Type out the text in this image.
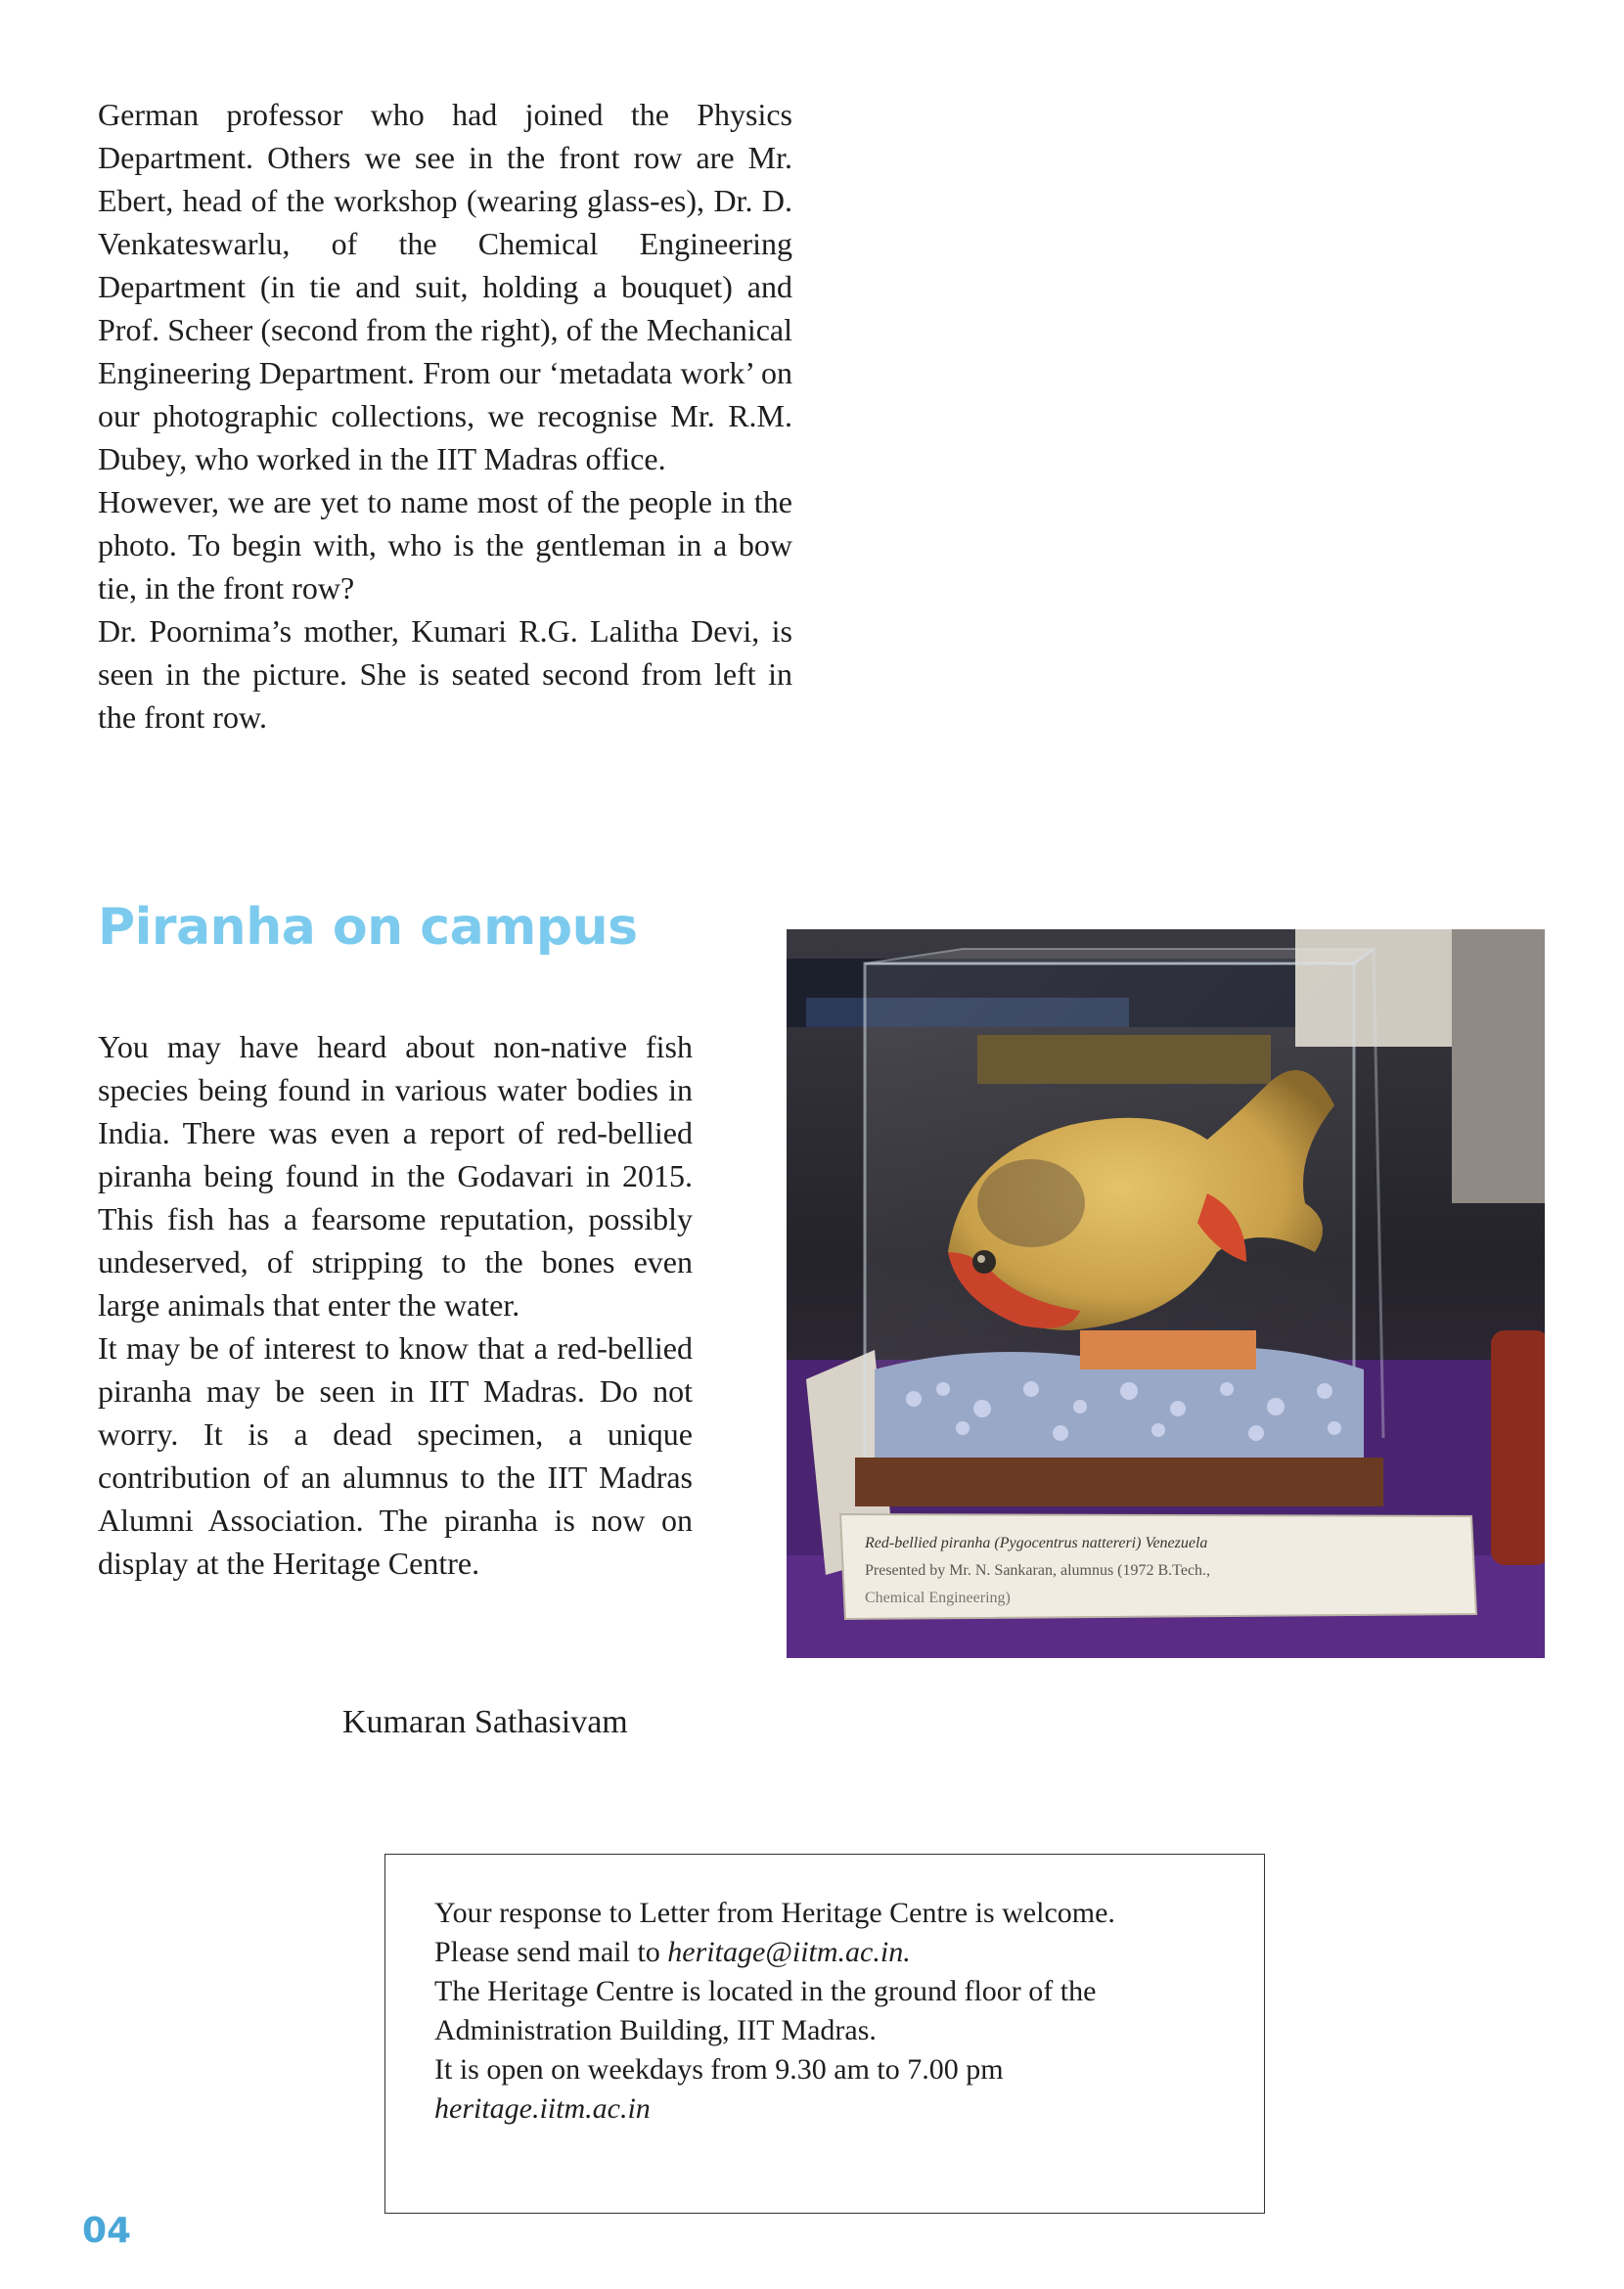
German professor who had joined the Physics Department. Others we see in the front row are Mr. Ebert, head of the workshop (wearing glass-es), Dr. D. Venkateswarlu, of the Chemical Engineering Department (in tie and suit, holding a bouquet) and Prof. Scheer (second from the right), of the Mechanical Engineering Department. From our ‘metadata work’ on our photographic collections, we recognise Mr. R.M. Dubey, who worked in the IIT Madras office.

However, we are yet to name most of the people in the photo. To begin with, who is the gentleman in a bow tie, in the front row?

Dr. Poornima’s mother, Kumari R.G. Lalitha Devi, is seen in the picture. She is seated second from left in the front row.

Piranha on campus

You may have heard about non-native fish species being found in various water bodies in India. There was even a report of red-bellied piranha being found in the Godavari in 2015. This fish has a fearsome reputation, possibly undeserved, of stripping to the bones even large animals that enter the water.

It may be of interest to know that a red-bellied piranha may be seen in IIT Madras. Do not worry. It is a dead specimen, a unique contribution of an alumnus to the IIT Madras Alumni Association. The piranha is now on display at the Heritage Centre.

Kumaran Sathasivam
Red-bellied piranha (Pygocentrus nattereri) Venezuela
Presented by Mr. N. Sankaran, alumnus (1972 B.Tech.,
Chemical Engineering)
Your response to Letter from Heritage Centre is welcome.
Please send mail to heritage@iitm.ac.in.
The Heritage Centre is located in the ground floor of the
Administration Building, IIT Madras.
It is open on weekdays from 9.30 am to 7.00 pm
heritage.iitm.ac.in
04
